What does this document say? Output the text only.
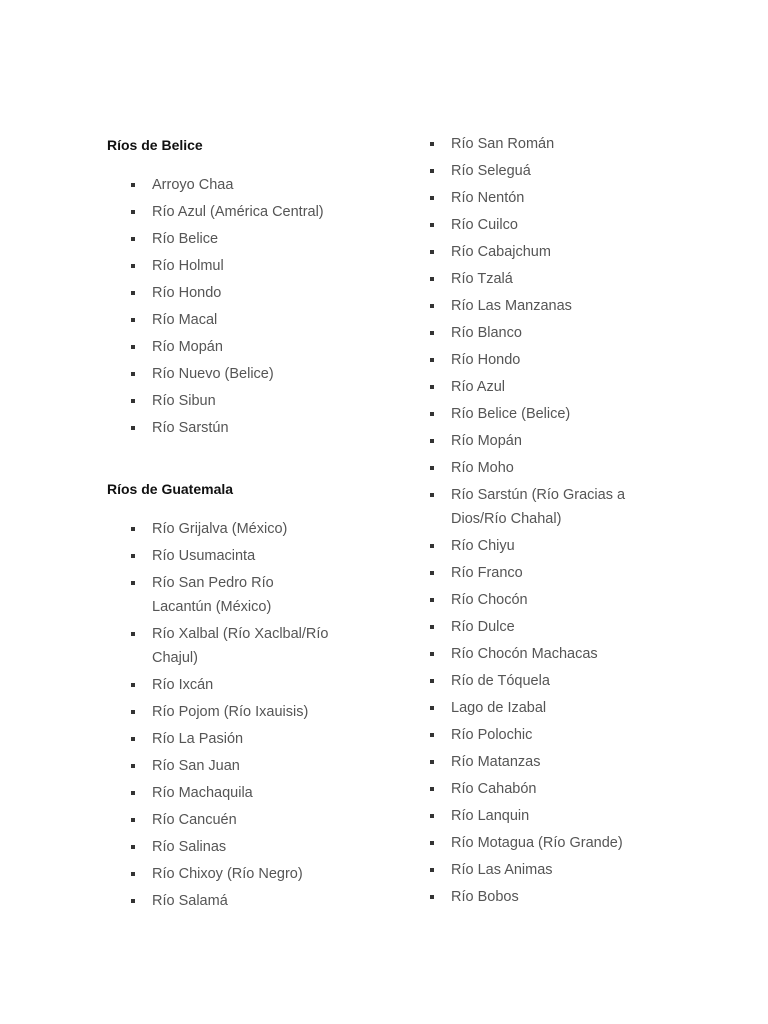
Ríos de Belice
Arroyo Chaa
Río Azul (América Central)
Río Belice
Río Holmul
Río Hondo
Río Macal
Río Mopán
Río Nuevo (Belice)
Río Sibun
Río Sarstún
Ríos de Guatemala
Río Grijalva (México)
Río Usumacinta
Río San Pedro Río Lacantún (México)
Río Xalbal (Río Xaclbal/Río Chajul)
Río Ixcán
Río Pojom (Río Ixauisis)
Río La Pasión
Río San Juan
Río Machaquila
Río Cancuén
Río Salinas
Río Chixoy (Río Negro)
Río Salamá
Río San Román
Río Seleguá
Río Nentón
Río Cuilco
Río Cabajchum
Río Tzalá
Río Las Manzanas
Río Blanco
Río Hondo
Río Azul
Río Belice (Belice)
Río Mopán
Río Moho
Río Sarstún (Río Gracias a Dios/Río Chahal)
Río Chiyu
Río Franco
Río Chocón
Río Dulce
Río Chocón Machacas
Río de Tóquela
Lago de Izabal
Río Polochic
Río Matanzas
Río Cahabón
Río Lanquin
Río Motagua (Río Grande)
Río Las Animas
Río Bobos
